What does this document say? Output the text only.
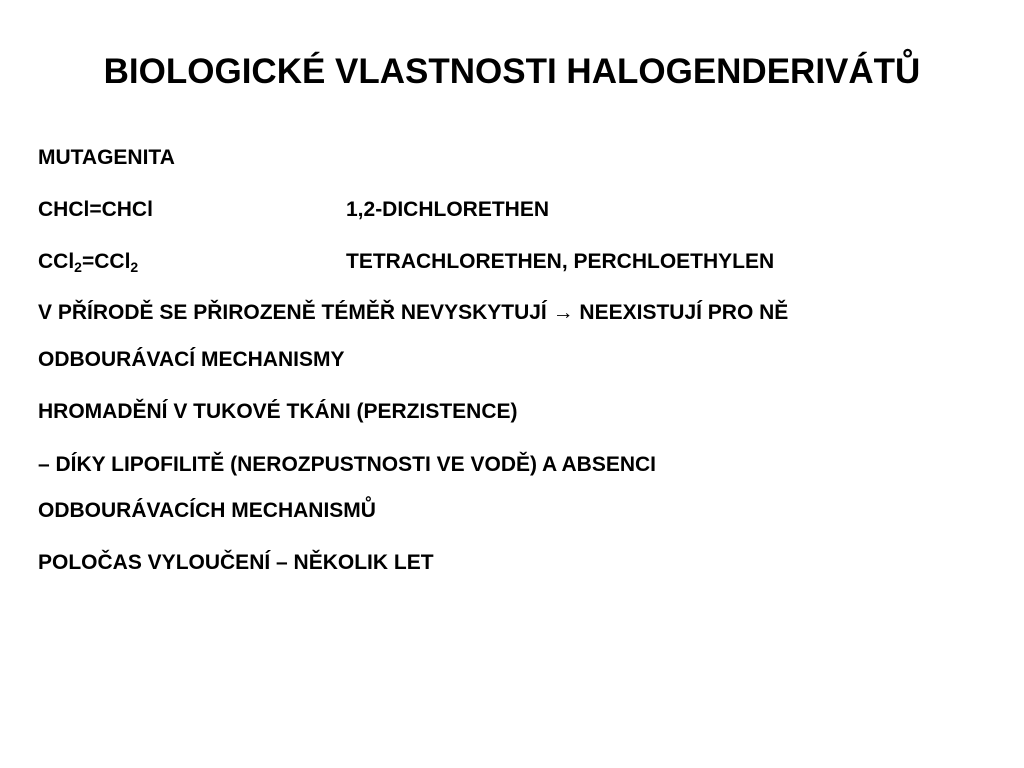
BIOLOGICKÉ VLASTNOSTI HALOGENDERIVÁTŮ
MUTAGENITA
CHCl=CHCl	1,2-DICHLORETHEN
CCl$_2$=CCl$_2$	TETRACHLORETHEN, PERCHLOETHYLEN
V PŘÍRODĚ SE PŘIROZENĚ TÉMĚŘ NEVYSKYTUJÍ → NEEXISTUJÍ PRO NĚ
ODBOURÁVACÍ MECHANISMY
HROMADĚNÍ V TUKOVÉ TKÁNI (PERZISTENCE)
– DÍKY LIPOFILITĚ (NEROZPUSTNOSTI VE VODĚ) A ABSENCI
ODBOURÁVACÍCH MECHANISMŮ
POLOČAS VYLOUČENÍ – NĚKOLIK LET
